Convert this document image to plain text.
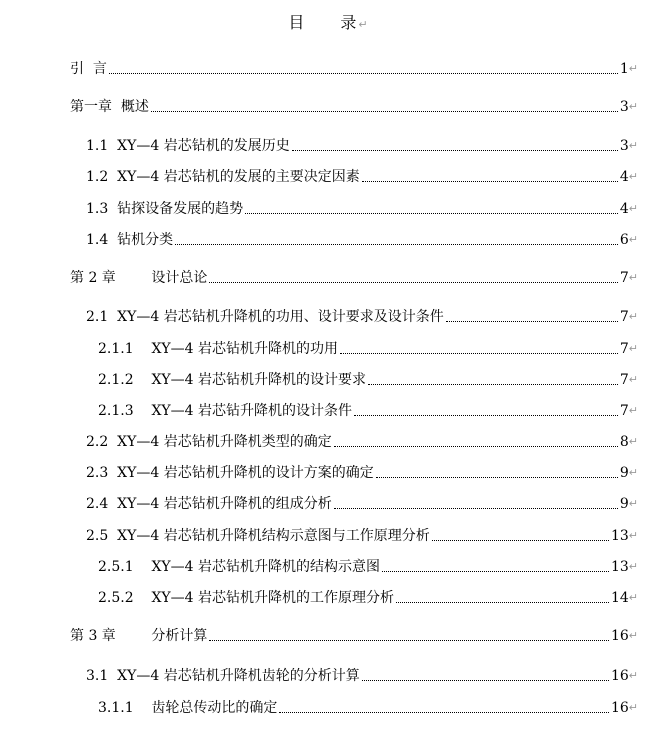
目 录↵
引  言	1 ↵
第一章  概述	3 ↵
1.1 XY—4 岩芯钻机的发展历史	3 ↵
1.2 XY—4 岩芯钻机的发展的主要决定因素	4 ↵
1.3 钻探设备发展的趋势	4 ↵
1.4 钻机分类	6 ↵
第 2 章 设计总论	7 ↵
2.1 XY—4 岩芯钻机升降机的功用、设计要求及设计条件	7 ↵
2.1.1 XY—4 岩芯钻机升降机的功用	7 ↵
2.1.2 XY—4 岩芯钻机升降机的设计要求	7 ↵
2.1.3 XY—4 岩芯钻升降机的设计条件	7 ↵
2.2 XY—4 岩芯钻机升降机类型的确定	8 ↵
2.3 XY—4 岩芯钻机升降机的设计方案的确定	9 ↵
2.4 XY—4 岩芯钻机升降机的组成分析	9 ↵
2.5 XY—4 岩芯钻机升降机结构示意图与工作原理分析	13 ↵
2.5.1 XY—4 岩芯钻机升降机的结构示意图	13 ↵
2.5.2 XY—4 岩芯钻机升降机的工作原理分析	14 ↵
第 3 章 分析计算	16 ↵
3.1 XY—4 岩芯钻机升降机齿轮的分析计算	16 ↵
3.1.1 齿轮总传动比的确定	16 ↵
